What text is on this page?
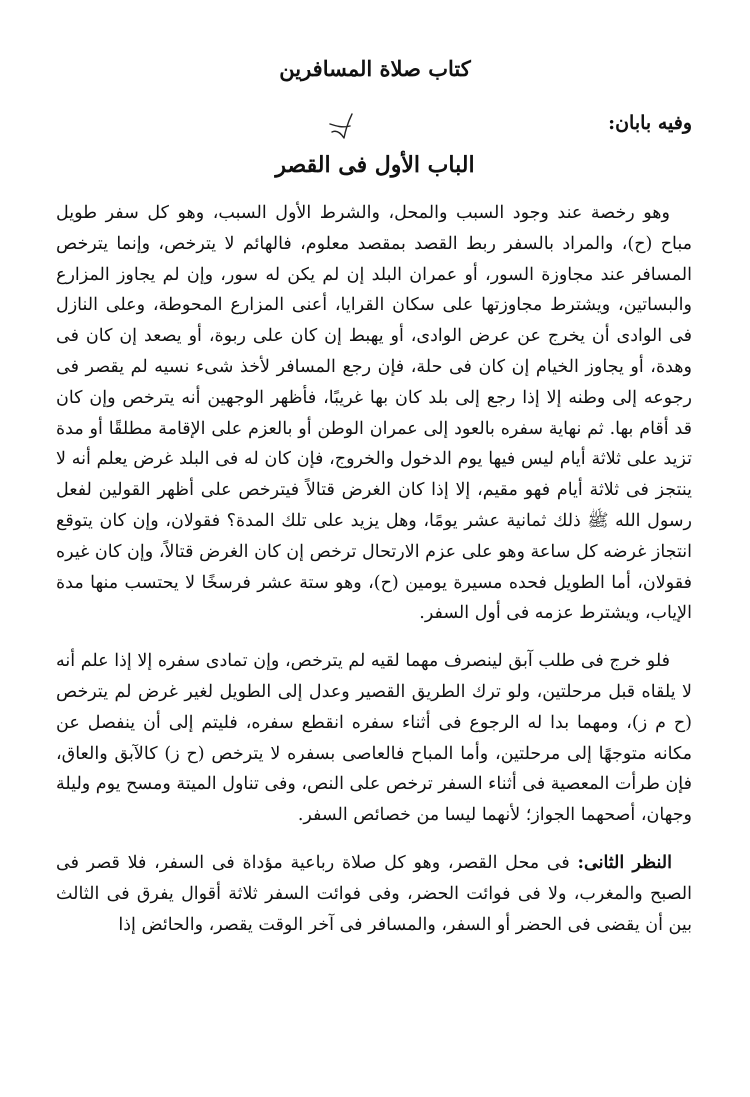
كتاب صلاة المسافرين
وفيه بابان:
الباب الأول فى القصر

وهو رخصة عند وجود السبب والمحل، والشرط الأول السبب، وهو كل سفر طويل مباح (ح)، والمراد بالسفر ربط القصد بمقصد معلوم، فالهائم لا يترخص، وإنما يترخص المسافر عند مجاوزة السور، أو عمران البلد إن لم يكن له سور، وإن لم يجاوز المزارع والبساتين، ويشترط مجاوزتها على سكان القرايا، أعنى المزارع المحوطة، وعلى النازل فى الوادى أن يخرج عن عرض الوادى، أو يهبط إن كان على ربوة، أو يصعد إن كان فى وهدة، أو يجاوز الخيام إن كان فى حلة، فإن رجع المسافر لأخذ شىء نسيه لم يقصر فى رجوعه إلى وطنه إلا إذا رجع إلى بلد كان بها غريبًا، فأظهر الوجهين أنه يترخص وإن كان قد أقام بها. ثم نهاية سفره بالعود إلى عمران الوطن أو بالعزم على الإقامة مطلقًا أو مدة تزيد على ثلاثة أيام ليس فيها يوم الدخول والخروج، فإن كان له فى البلد غرض يعلم أنه لا ينتجز فى ثلاثة أيام فهو مقيم، إلا إذا كان الغرض قتالاً فيترخص على أظهر القولين لفعل رسول الله ﷺ ذلك ثمانية عشر يومًا، وهل يزيد على تلك المدة؟ فقولان، وإن كان يتوقع انتجاز غرضه كل ساعة وهو على عزم الارتحال ترخص إن كان الغرض قتالاً، وإن كان غيره فقولان، أما الطويل فحده مسيرة يومين (ح)، وهو ستة عشر فرسخًا لا يحتسب منها مدة الإياب، ويشترط عزمه فى أول السفر.

فلو خرج فى طلب آبق لينصرف مهما لقيه لم يترخص، وإن تمادى سفره إلا إذا علم أنه لا يلقاه قبل مرحلتين، ولو ترك الطريق القصير وعدل إلى الطويل لغير غرض لم يترخص (ح م ز)، ومهما بدا له الرجوع فى أثناء سفره انقطع سفره، فليتم إلى أن ينفصل عن مكانه متوجهًا إلى مرحلتين، وأما المباح فالعاصى بسفره لا يترخص (ح ز) كالآبق والعاق، فإن طرأت المعصية فى أثناء السفر ترخص على النص، وفى تناول الميتة ومسح يوم وليلة وجهان، أصحهما الجواز؛ لأنهما ليسا من خصائص السفر.

النظر الثانى: فى محل القصر، وهو كل صلاة رباعية مؤداة فى السفر، فلا قصر فى الصبح والمغرب، ولا فى فوائت الحضر، وفى فوائت السفر ثلاثة أقوال يفرق فى الثالث بين أن يقضى فى الحضر أو السفر، والمسافر فى آخر الوقت يقصر، والحائض إذا
